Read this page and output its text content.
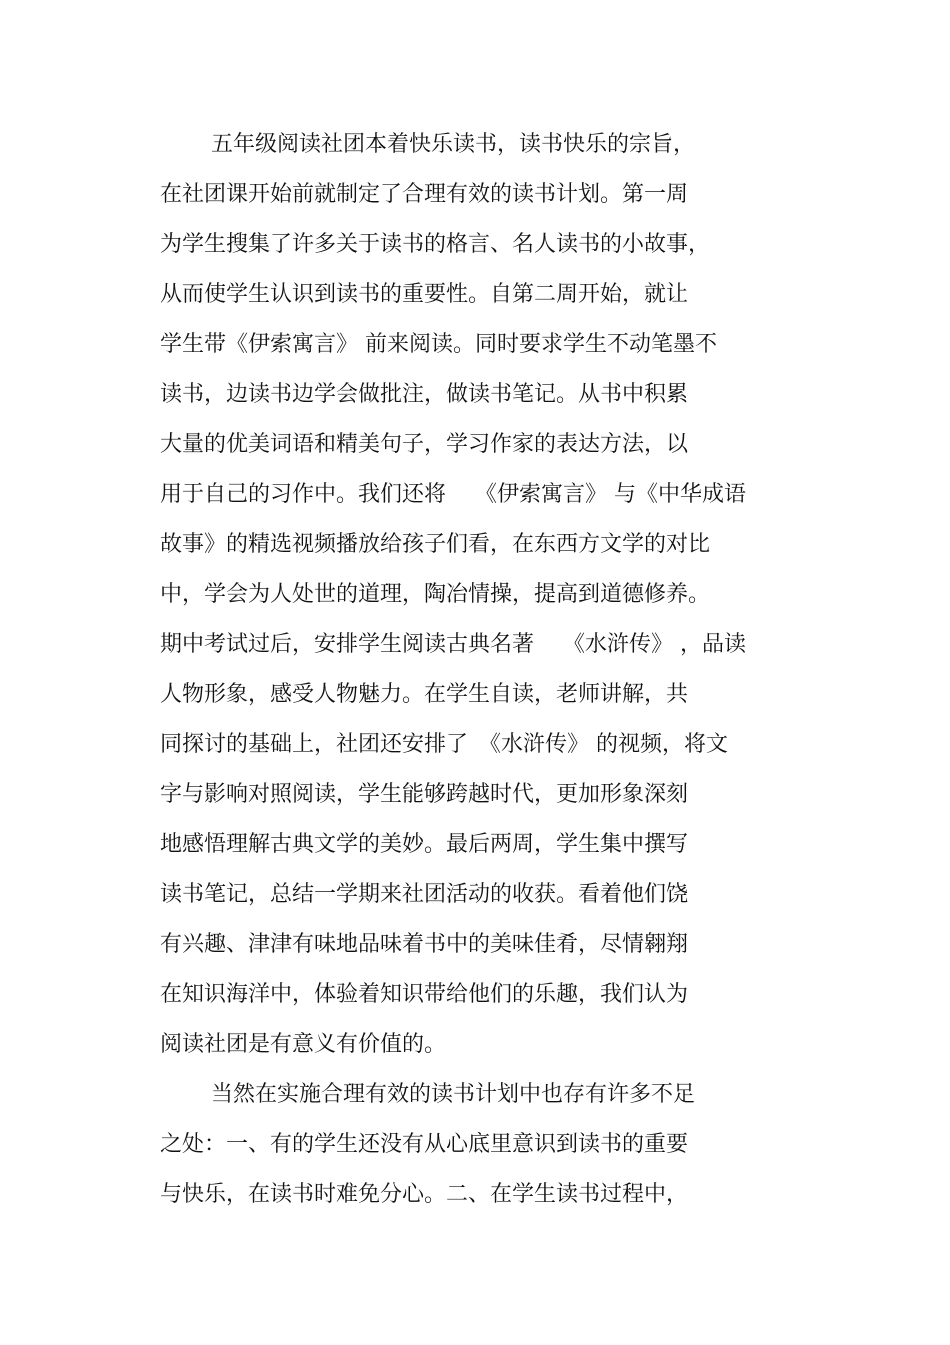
五年级阅读社团本着快乐读书，读书快乐的宗旨，
在社团课开始前就制定了合理有效的读书计划。第一周
为学生搜集了许多关于读书的格言、名人读书的小故事，
从而使学生认识到读书的重要性。自第二周开始，就让
学生带《伊索寓言》 前来阅读。同时要求学生不动笔墨不
读书，边读书边学会做批注，做读书笔记。从书中积累
大量的优美词语和精美句子，学习作家的表达方法，以
用于自己的习作中。我们还将　 《伊索寓言》 与《中华成语
故事》的精选视频播放给孩子们看，在东西方文学的对比
中，学会为人处世的道理，陶冶情操，提高到道德修养。
期中考试过后，安排学生阅读古典名著　 《水浒传》 ，品读
人物形象，感受人物魅力。在学生自读，老师讲解，共
同探讨的基础上，社团还安排了　《水浒传》 的视频，将文
字与影响对照阅读，学生能够跨越时代，更加形象深刻
地感悟理解古典文学的美妙。最后两周，学生集中撰写
读书笔记，总结一学期来社团活动的收获。看着他们饶
有兴趣、津津有味地品味着书中的美味佳肴，尽情翱翔
在知识海洋中，体验着知识带给他们的乐趣，我们认为
阅读社团是有意义有价值的。
当然在实施合理有效的读书计划中也存有许多不足
之处：一、有的学生还没有从心底里意识到读书的重要
与快乐，在读书时难免分心。二、在学生读书过程中，
